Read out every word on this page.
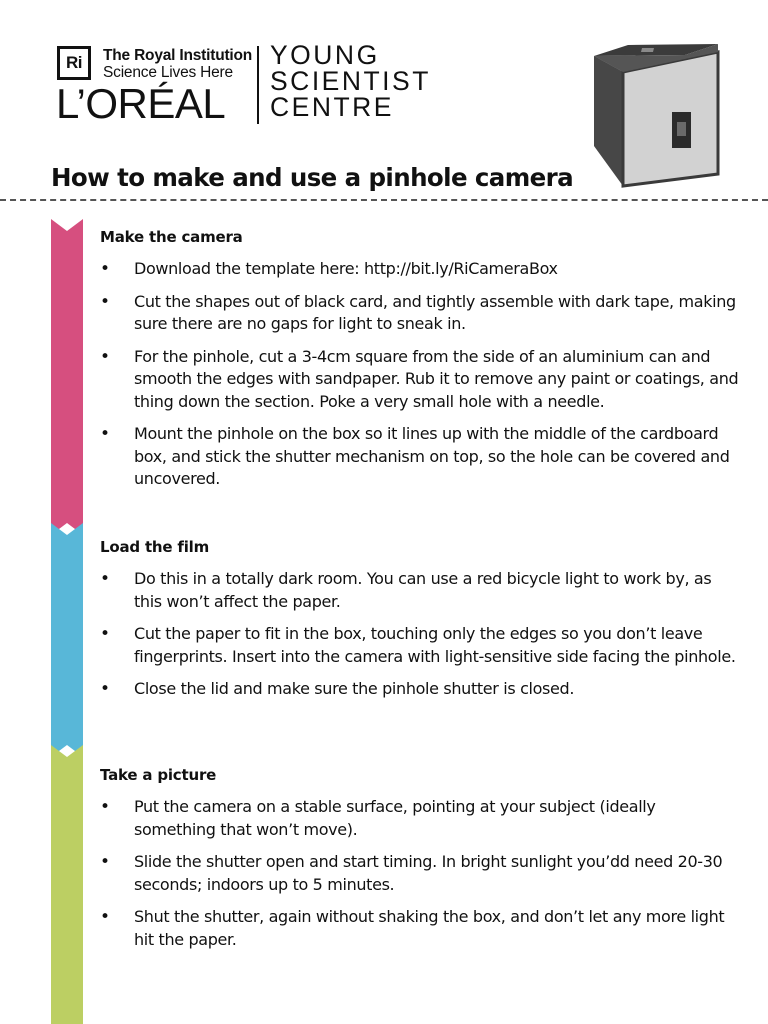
Ri	The Royal Institution
Science Lives Here
L’ORÉAL
YOUNG
SCIENTIST
CENTRE
How to make and use a pinhole camera
Make the camera
• Download the template here: http://bit.ly/RiCameraBox
• Cut the shapes out of black card, and tightly assemble with dark tape, making sure there are no gaps for light to sneak in.
• For the pinhole, cut a 3-4cm square from the side of an aluminium can and smooth the edges with sandpaper. Rub it to remove any paint or coatings, and thing down the section. Poke a very small hole with a needle.
• Mount the pinhole on the box so it lines up with the middle of the cardboard box, and stick the shutter mechanism on top, so the hole can be covered and uncovered.
Load the film
• Do this in a totally dark room. You can use a red bicycle light to work by, as this won’t affect the paper.
• Cut the paper to fit in the box, touching only the edges so you don’t leave fingerprints. Insert into the camera with light-sensitive side facing the pinhole.
• Close the lid and make sure the pinhole shutter is closed.
Take a picture
• Put the camera on a stable surface, pointing at your subject (ideally something that won’t move).
• Slide the shutter open and start timing. In bright sunlight you’dd need 20-30 seconds; indoors up to 5 minutes.
• Shut the shutter, again without shaking the box, and don’t let any more light hit the paper.
